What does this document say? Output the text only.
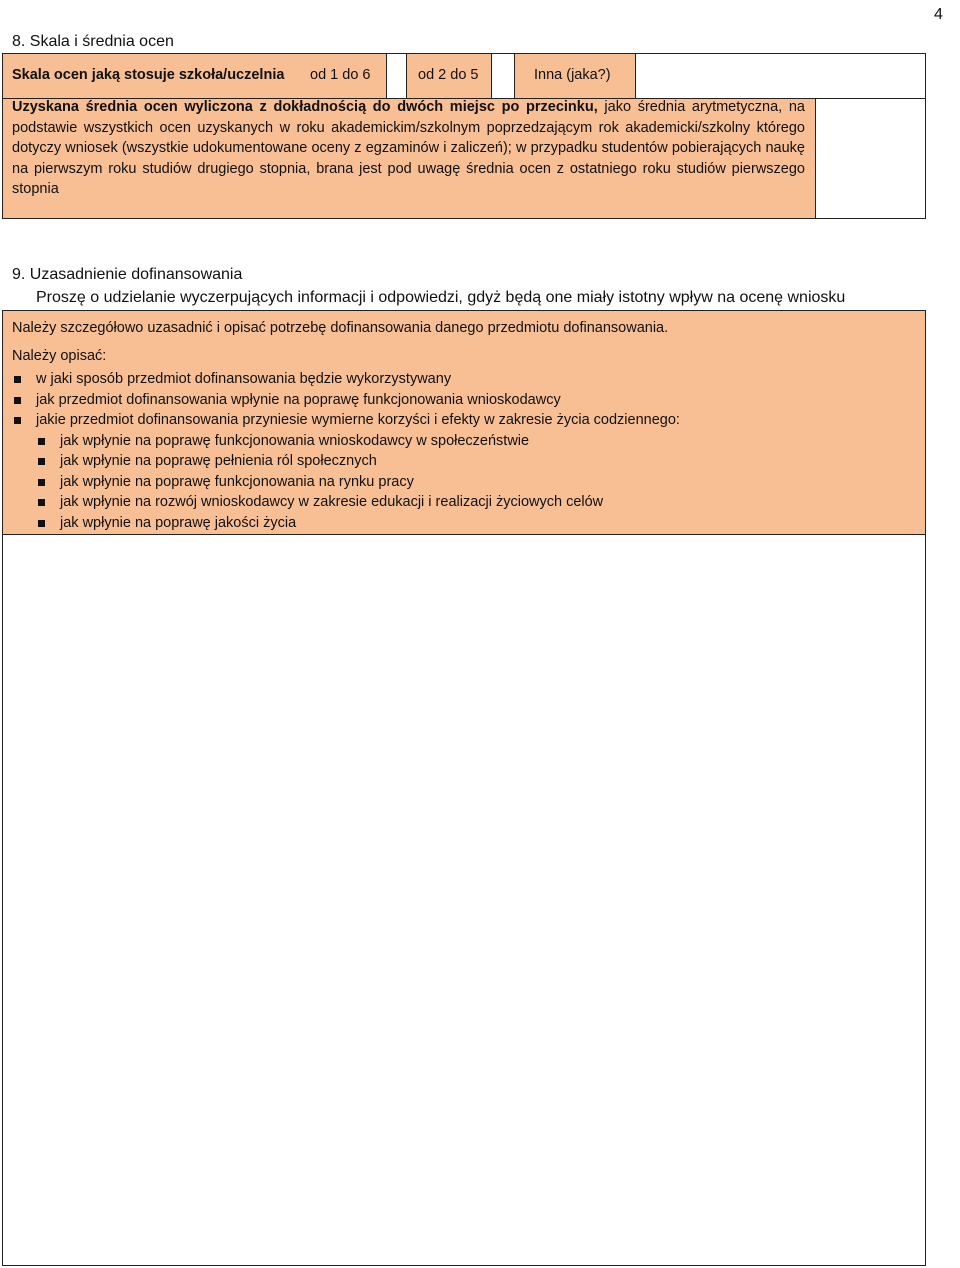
4
8. Skala i średnia ocen
Skala ocen jaką stosuje szkoła/uczelnia od 1 do 6	od 2 do 5	Inna (jaka?)
Uzyskana średnia ocen wyliczona z dokładnością do dwóch miejsc po przecinku, jako średnia arytmetyczna, na podstawie wszystkich ocen uzyskanych w roku akademickim/szkolnym poprzedzającym rok akademicki/szkolny którego dotyczy wniosek (wszystkie udokumentowane oceny z egzaminów i zaliczeń); w przypadku studentów pobierających naukę na pierwszym roku studiów drugiego stopnia, brana jest pod uwagę średnia ocen z ostatniego roku studiów pierwszego stopnia
9. Uzasadnienie dofinansowania
Proszę o udzielanie wyczerpujących informacji i odpowiedzi, gdyż będą one miały istotny wpływ na ocenę wniosku
Należy szczegółowo uzasadnić i opisać potrzebę dofinansowania danego przedmiotu dofinansowania.
Należy opisać:
w jaki sposób przedmiot dofinansowania będzie wykorzystywany
jak przedmiot dofinansowania wpłynie na poprawę funkcjonowania wnioskodawcy
jakie przedmiot dofinansowania przyniesie wymierne korzyści i efekty w zakresie życia codziennego:
jak wpłynie na poprawę funkcjonowania wnioskodawcy w społeczeństwie
jak wpłynie na poprawę pełnienia ról społecznych
jak wpłynie na poprawę funkcjonowania na rynku pracy
jak wpłynie na rozwój wnioskodawcy w zakresie edukacji i realizacji życiowych celów
jak wpłynie na poprawę jakości życia
